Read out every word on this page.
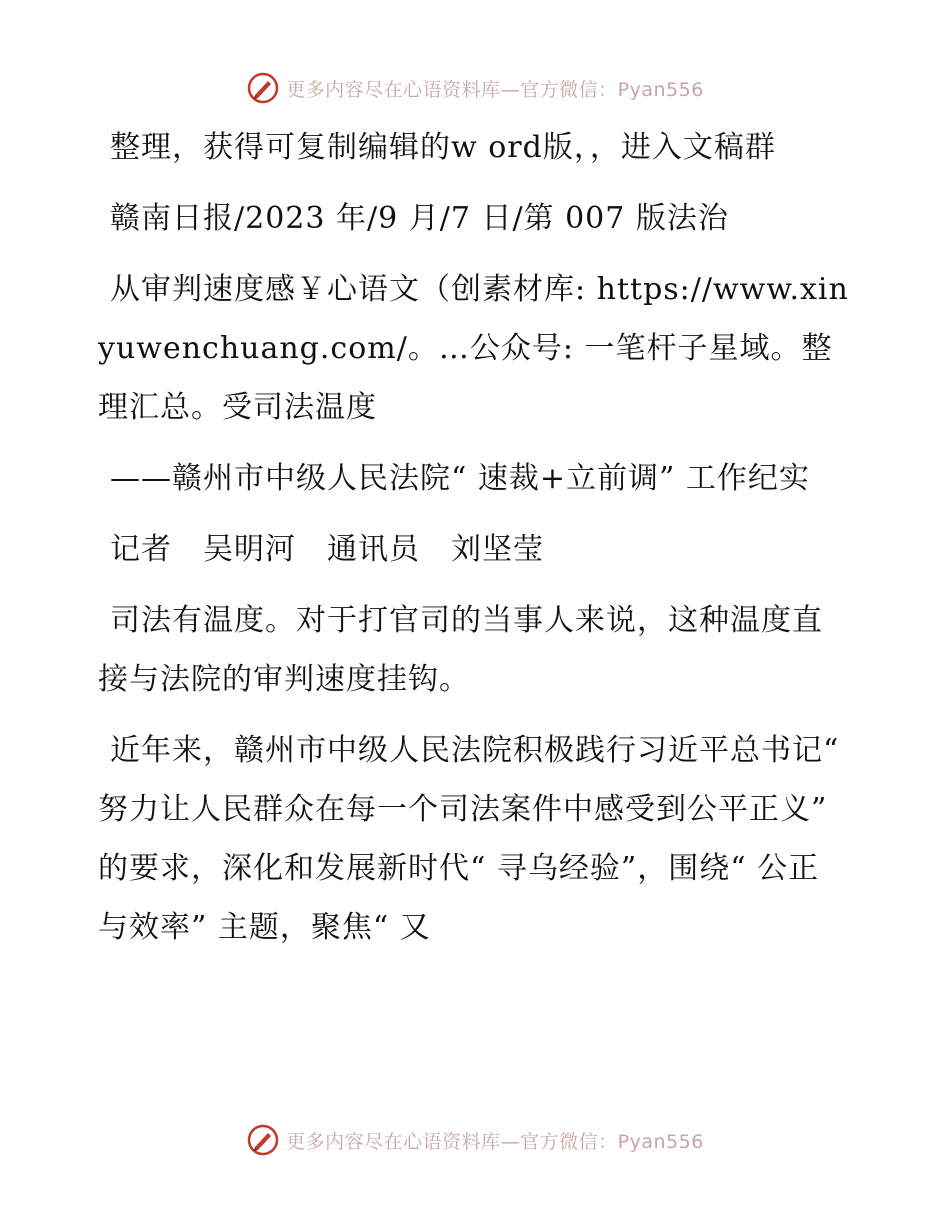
更多内容尽在心语资料库—官方微信：Pyan556

整理，获得可复制编辑的w ord版，，进入文稿群

赣南日报/2023 年/9 月/7 日/第 007 版法治

从审判速度感￥心语文（创素材库: https://www.xinyuwenchuang.com/。…公众号: 一笔杆子星域。整理汇总。受司法温度

——赣州市中级人民法院“ 速裁+立前调” 工作纪实

记者　吴明河　通讯员　刘坚莹

司法有温度。对于打官司的当事人来说，这种温度直接与法院的审判速度挂钩。

近年来，赣州市中级人民法院积极践行习近平总书记“ 努力让人民群众在每一个司法案件中感受到公平正义” 的要求，深化和发展新时代“ 寻乌经验”，围绕“ 公正与效率” 主题，聚焦“ 又

更多内容尽在心语资料库—官方微信：Pyan556
